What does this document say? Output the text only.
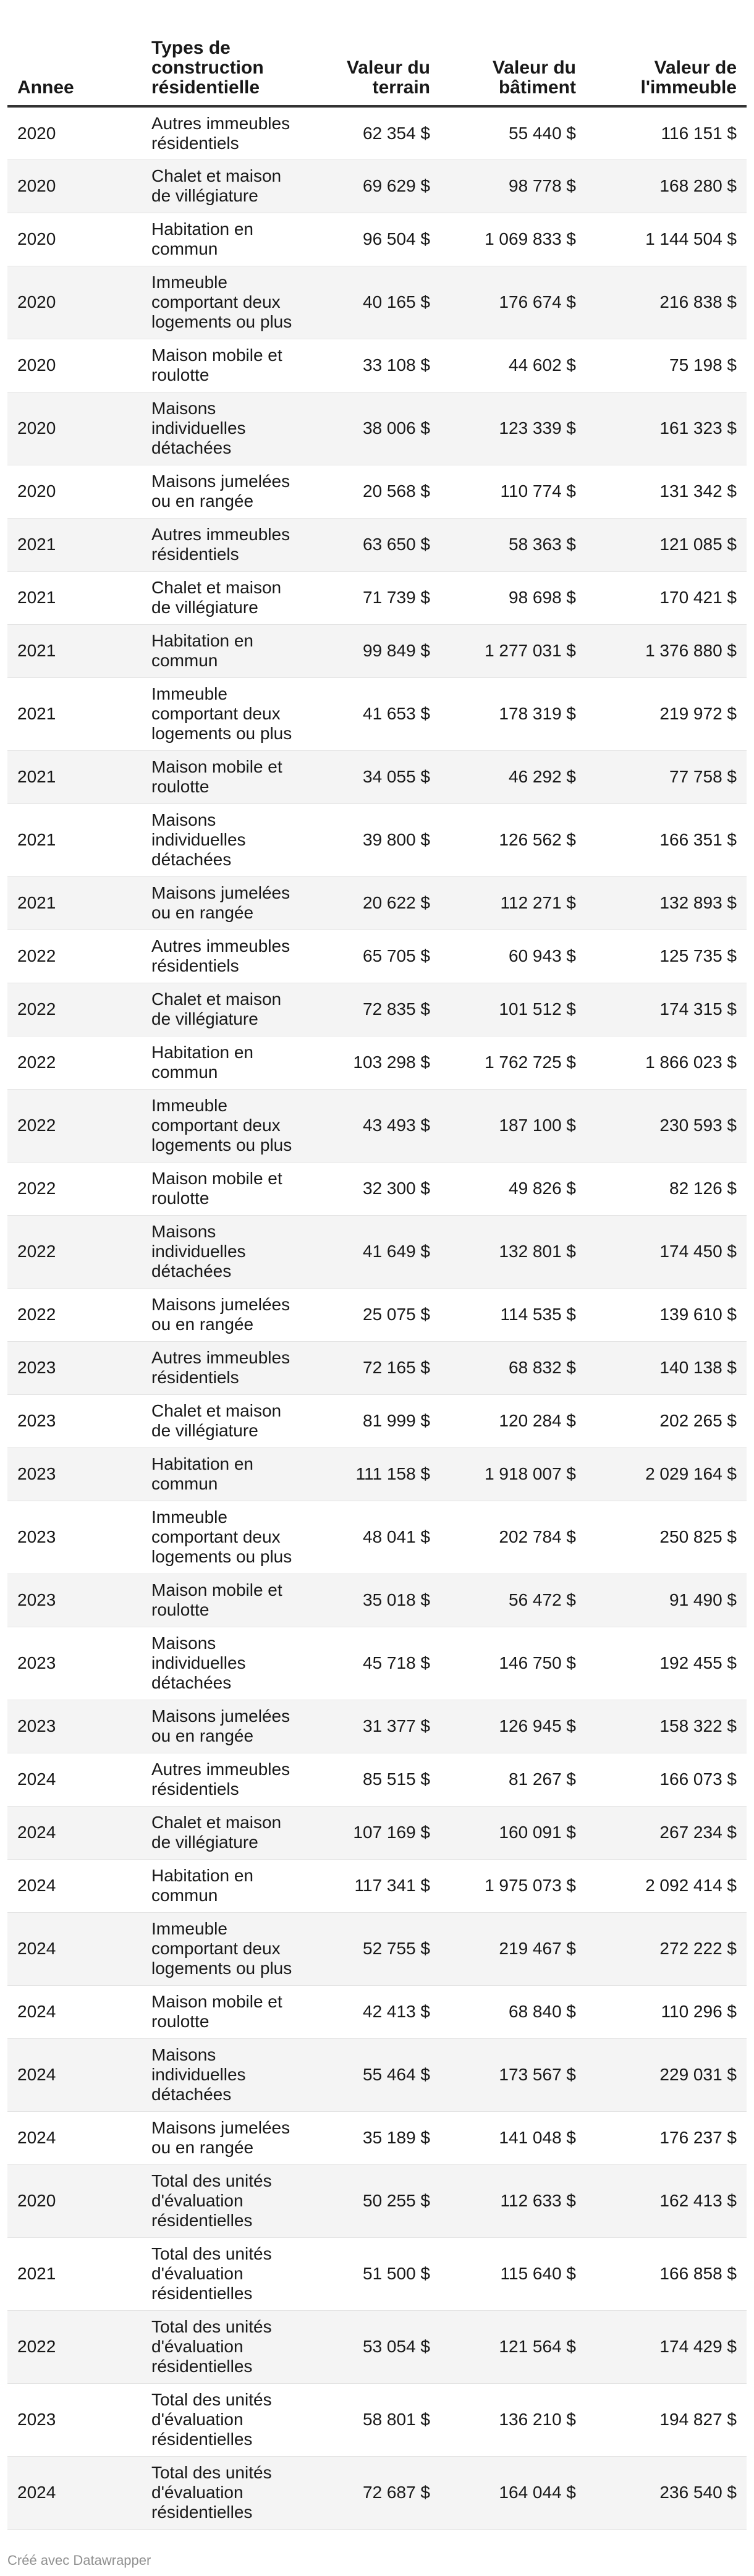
Annee	Types de construction résidentielle	Valeur du terrain	Valeur du bâtiment	Valeur de l'immeuble
2020	Autres immeubles résidentiels	62 354 $	55 440 $	116 151 $
2020	Chalet et maison de villégiature	69 629 $	98 778 $	168 280 $
2020	Habitation en commun	96 504 $	1 069 833 $	1 144 504 $
2020	Immeuble comportant deux logements ou plus	40 165 $	176 674 $	216 838 $
2020	Maison mobile et roulotte	33 108 $	44 602 $	75 198 $
2020	Maisons individuelles détachées	38 006 $	123 339 $	161 323 $
2020	Maisons jumelées ou en rangée	20 568 $	110 774 $	131 342 $
2021	Autres immeubles résidentiels	63 650 $	58 363 $	121 085 $
2021	Chalet et maison de villégiature	71 739 $	98 698 $	170 421 $
2021	Habitation en commun	99 849 $	1 277 031 $	1 376 880 $
2021	Immeuble comportant deux logements ou plus	41 653 $	178 319 $	219 972 $
2021	Maison mobile et roulotte	34 055 $	46 292 $	77 758 $
2021	Maisons individuelles détachées	39 800 $	126 562 $	166 351 $
2021	Maisons jumelées ou en rangée	20 622 $	112 271 $	132 893 $
2022	Autres immeubles résidentiels	65 705 $	60 943 $	125 735 $
2022	Chalet et maison de villégiature	72 835 $	101 512 $	174 315 $
2022	Habitation en commun	103 298 $	1 762 725 $	1 866 023 $
2022	Immeuble comportant deux logements ou plus	43 493 $	187 100 $	230 593 $
2022	Maison mobile et roulotte	32 300 $	49 826 $	82 126 $
2022	Maisons individuelles détachées	41 649 $	132 801 $	174 450 $
2022	Maisons jumelées ou en rangée	25 075 $	114 535 $	139 610 $
2023	Autres immeubles résidentiels	72 165 $	68 832 $	140 138 $
2023	Chalet et maison de villégiature	81 999 $	120 284 $	202 265 $
2023	Habitation en commun	111 158 $	1 918 007 $	2 029 164 $
2023	Immeuble comportant deux logements ou plus	48 041 $	202 784 $	250 825 $
2023	Maison mobile et roulotte	35 018 $	56 472 $	91 490 $
2023	Maisons individuelles détachées	45 718 $	146 750 $	192 455 $
2023	Maisons jumelées ou en rangée	31 377 $	126 945 $	158 322 $
2024	Autres immeubles résidentiels	85 515 $	81 267 $	166 073 $
2024	Chalet et maison de villégiature	107 169 $	160 091 $	267 234 $
2024	Habitation en commun	117 341 $	1 975 073 $	2 092 414 $
2024	Immeuble comportant deux logements ou plus	52 755 $	219 467 $	272 222 $
2024	Maison mobile et roulotte	42 413 $	68 840 $	110 296 $
2024	Maisons individuelles détachées	55 464 $	173 567 $	229 031 $
2024	Maisons jumelées ou en rangée	35 189 $	141 048 $	176 237 $
2020	Total des unités d'évaluation résidentielles	50 255 $	112 633 $	162 413 $
2021	Total des unités d'évaluation résidentielles	51 500 $	115 640 $	166 858 $
2022	Total des unités d'évaluation résidentielles	53 054 $	121 564 $	174 429 $
2023	Total des unités d'évaluation résidentielles	58 801 $	136 210 $	194 827 $
2024	Total des unités d'évaluation résidentielles	72 687 $	164 044 $	236 540 $
Créé avec Datawrapper
